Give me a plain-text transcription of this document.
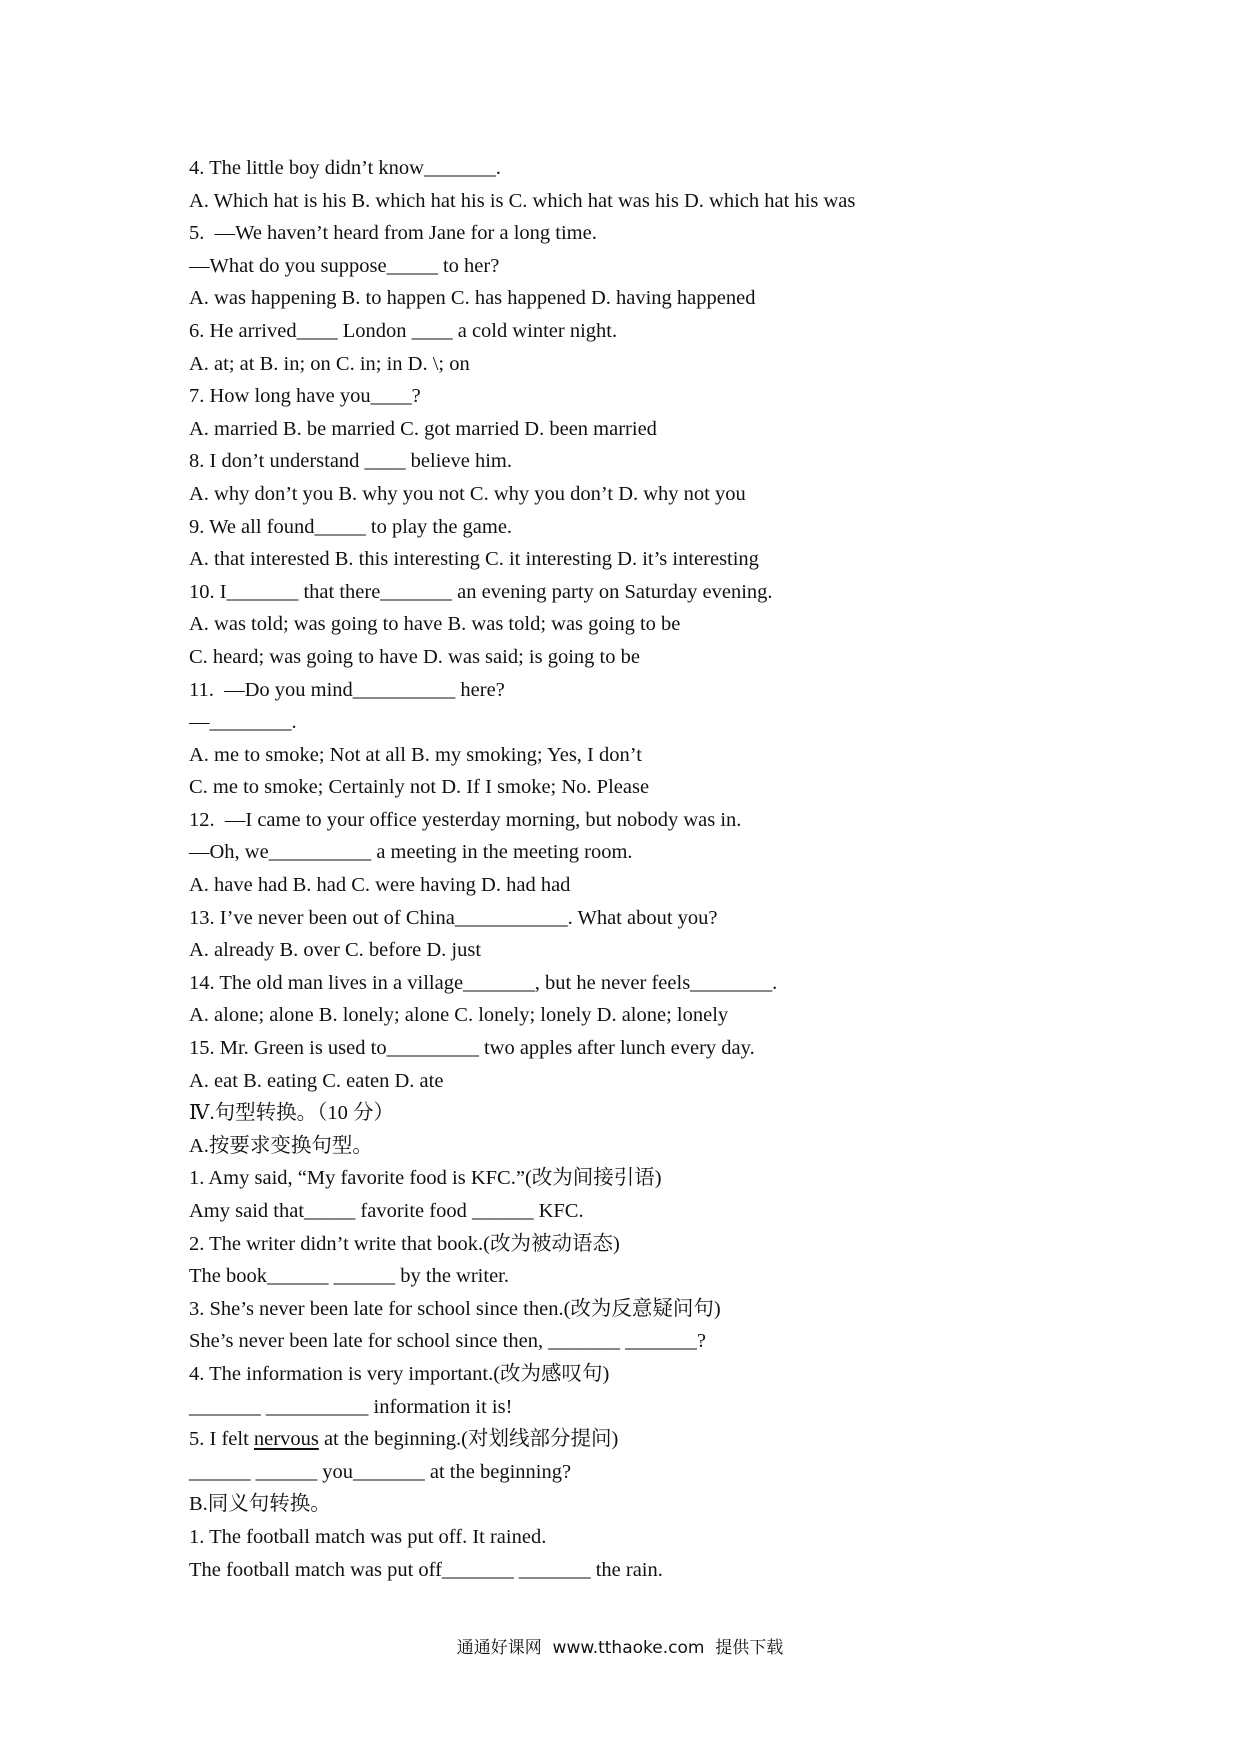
4. The little boy didn’t know_______.
A. Which hat is his B. which hat his is C. which hat was his D. which hat his was
5.  —We haven’t heard from Jane for a long time.
—What do you suppose_____ to her?
A. was happening B. to happen C. has happened D. having happened
6. He arrived____ London ____ a cold winter night.
A. at; at B. in; on C. in; in D. \; on
7. How long have you____?
A. married B. be married C. got married D. been married
8. I don’t understand ____ believe him.
A. why don’t you B. why you not C. why you don’t D. why not you
9. We all found_____ to play the game.
A. that interested B. this interesting C. it interesting D. it’s interesting
10. I_______ that there_______ an evening party on Saturday evening.
A. was told; was going to have B. was told; was going to be
C. heard; was going to have D. was said; is going to be
11.  —Do you mind__________ here?
—________.
A. me to smoke; Not at all B. my smoking; Yes, I don’t
C. me to smoke; Certainly not D. If I smoke; No. Please
12.  —I came to your office yesterday morning, but nobody was in.
—Oh, we__________ a meeting in the meeting room.
A. have had B. had C. were having D. had had
13. I’ve never been out of China___________. What about you?
A. already B. over C. before D. just
14. The old man lives in a village_______, but he never feels________.
A. alone; alone B. lonely; alone C. lonely; lonely D. alone; lonely
15. Mr. Green is used to_________ two apples after lunch every day.
A. eat B. eating C. eaten D. ate
Ⅳ.句型转换。（10 分）
A.按要求变换句型。
1. Amy said, “My favorite food is KFC.”(改为间接引语)
Amy said that_____ favorite food ______ KFC.
2. The writer didn’t write that book.(改为被动语态)
The book______ ______ by the writer.
3. She’s never been late for school since then.(改为反意疑问句)
She’s never been late for school since then, _______ _______?
4. The information is very important.(改为感叹句)
_______ __________ information it is!
5. I felt nervous at the beginning.(对划线部分提问)
______ ______ you_______ at the beginning?
B.同义句转换。
1. The football match was put off. It rained.
The football match was put off_______ _______ the rain.
通通好课网  www.tthaoke.com  提供下载
